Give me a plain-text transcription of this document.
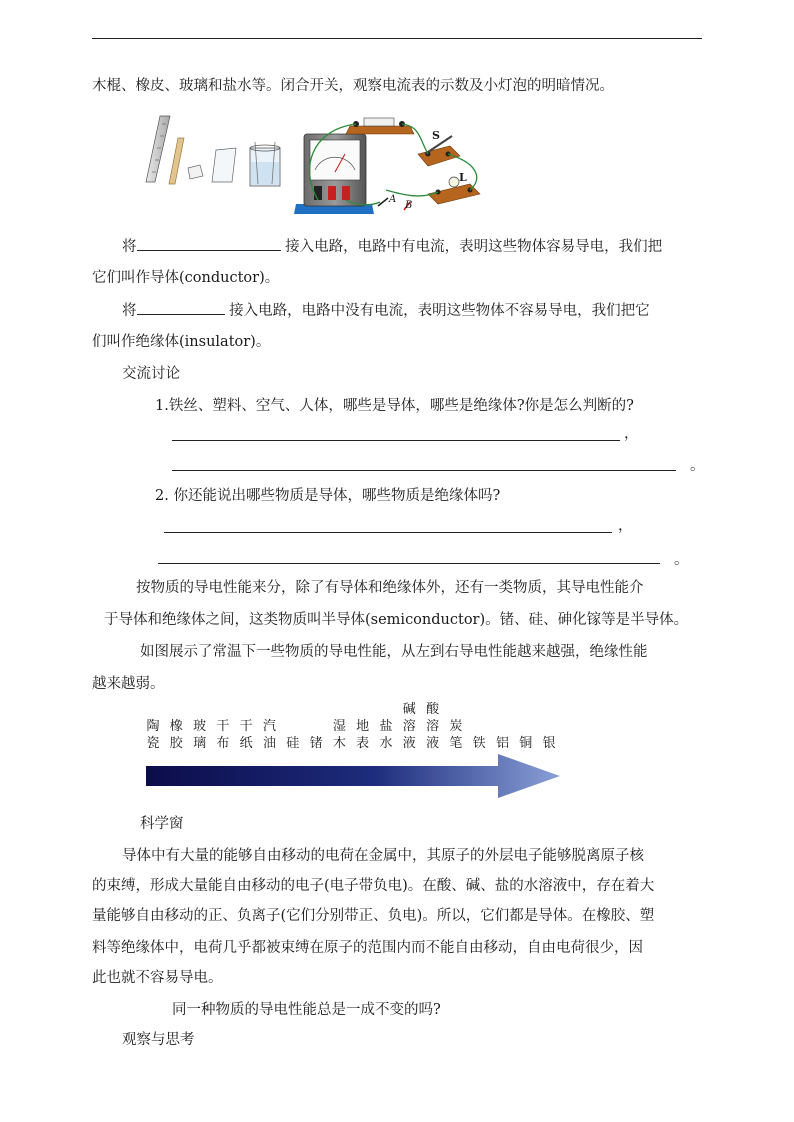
木棍、橡皮、玻璃和盐水等。闭合开关，观察电流表的示数及小灯泡的明暗情况。
S
L
A
B
将	接入电路，电路中有电流，表明这些物体容易导电，我们把
它们叫作导体(conductor)。
将	接入电路，电路中没有电流，表明这些物体不容易导电，我们把它
们叫作绝缘体(insulator)。
交流讨论
1.铁丝、塑料、空气、人体，哪些是导体，哪些是绝缘体?你是怎么判断的?
，
。
2. 你还能说出哪些物质是导体，哪些物质是绝缘体吗?
，
。
按物质的导电性能来分，除了有导体和绝缘体外，还有一类物质，其导电性能介
于导体和绝缘体之间，这类物质叫半导体(semiconductor)。锗、硅、砷化镓等是半导体。
如图展示了常温下一些物质的导电性能，从左到右导电性能越来越强，绝缘性能
越来越弱。
陶
瓷
橡
胶
玻
璃
干
布
干
纸
汽
油 硅 锗
湿
木
地
表
盐
水
碱
溶
液
酸
溶
液
炭
笔 铁 铝 铜 银
科学窗
导体中有大量的能够自由移动的电荷在金属中，其原子的外层电子能够脱离原子核
的束缚，形成大量能自由移动的电子(电子带负电)。在酸、碱、盐的水溶液中，存在着大
量能够自由移动的正、负离子(它们分别带正、负电)。所以，它们都是导体。在橡胶、塑
料等绝缘体中，电荷几乎都被束缚在原子的范围内而不能自由移动，自由电荷很少，因
此也就不容易导电。
同一种物质的导电性能总是一成不变的吗?
观察与思考
